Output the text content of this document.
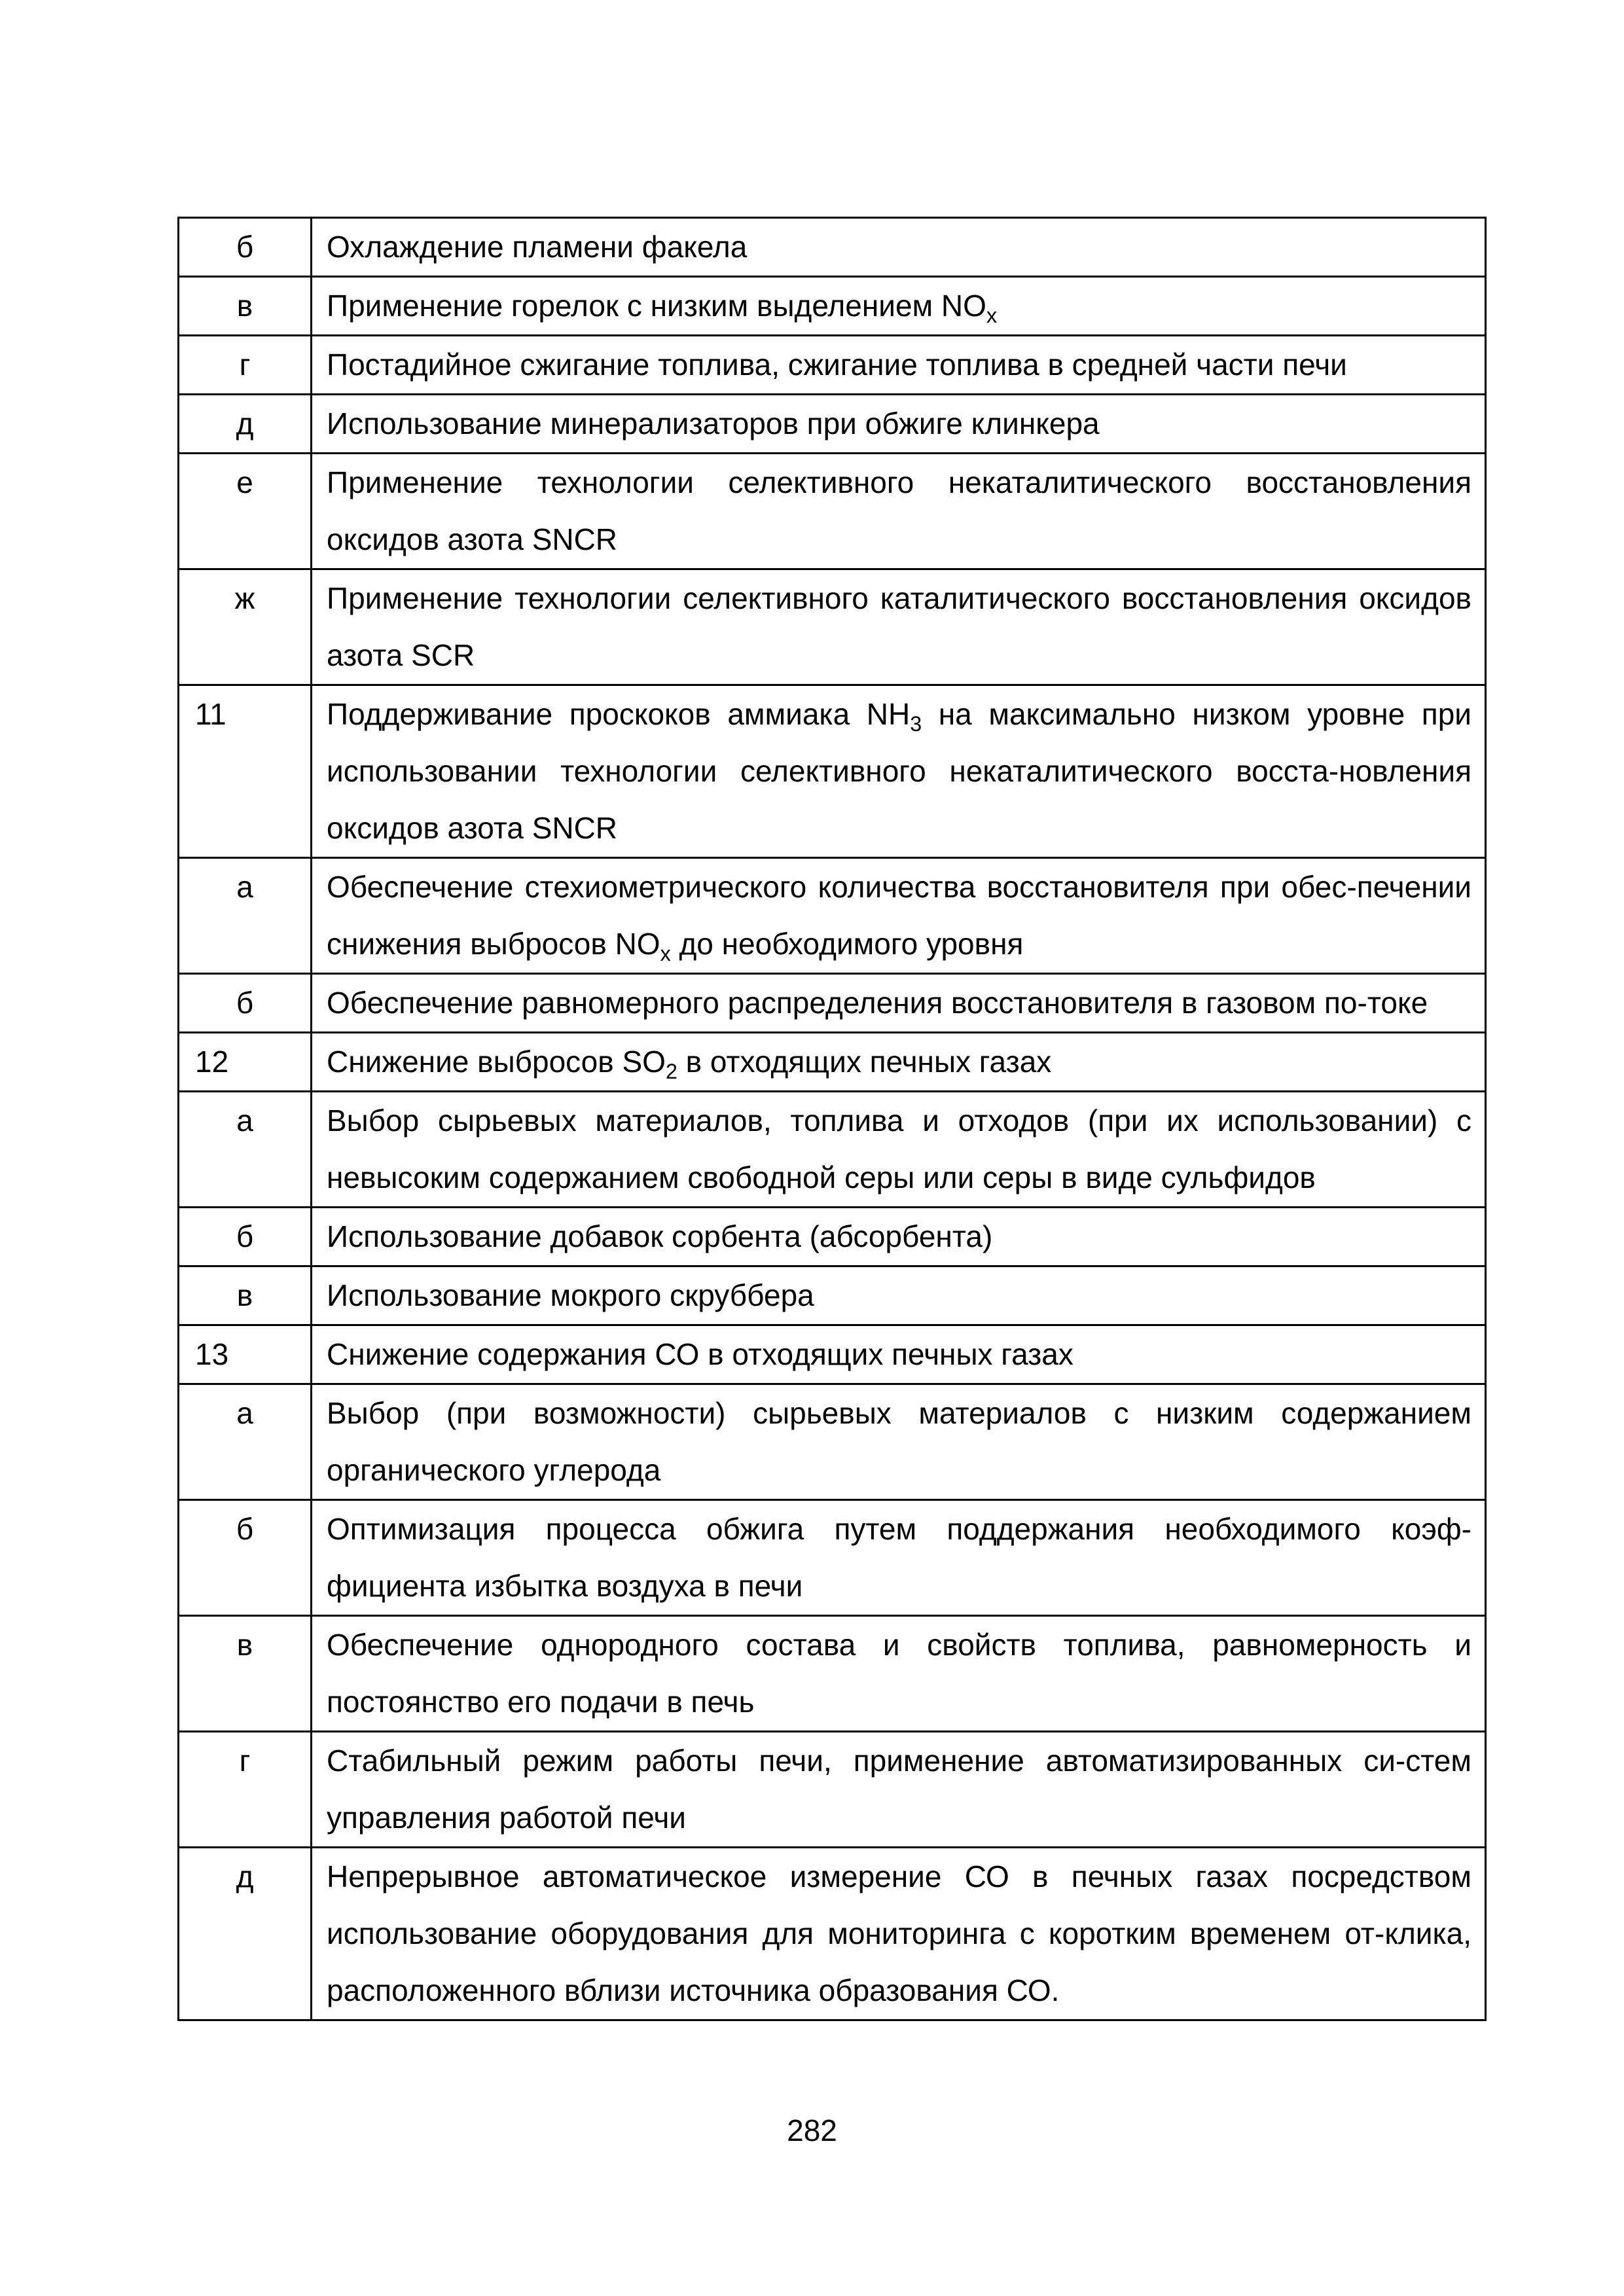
б	Охлаждение пламени факела
в	Применение горелок с низким выделением $NO_x$
г	Постадийное сжигание топлива, сжигание топлива в средней части печи
д	Использование минерализаторов при обжиге клинкера
е	Применение технологии селективного некаталитического восстановления оксидов азота SNCR
ж	Применение технологии селективного каталитического восстановления оксидов азота SCR
11	Поддерживание проскоков аммиака $NH_3$ на максимально низком уровне при использовании технологии селективного некаталитического восста-новления оксидов азота SNCR
а	Обеспечение стехиометрического количества восстановителя при обес-печении снижения выбросов $NO_x$ до необходимого уровня
б	Обеспечение равномерного распределения восстановителя в газовом по-токе
12	Снижение выбросов $SO_2$ в отходящих печных газах
а	Выбор сырьевых материалов, топлива и отходов (при их использовании) с невысоким содержанием свободной серы или серы в виде сульфидов
б	Использование добавок сорбента (абсорбента)
в	Использование мокрого скруббера
13	Снижение содержания СО в отходящих печных газах
а	Выбор (при возможности) сырьевых материалов с низким содержанием органического углерода
б	Оптимизация процесса обжига путем поддержания необходимого коэф-фициента избытка воздуха в печи
в	Обеспечение однородного состава и свойств топлива, равномерность и постоянство его подачи в печь
г	Стабильный режим работы печи, применение автоматизированных си-стем управления работой печи
д	Непрерывное автоматическое измерение СО в печных газах посредством использование оборудования для мониторинга с коротким временем от-клика, расположенного вблизи источника образования СО.
282
